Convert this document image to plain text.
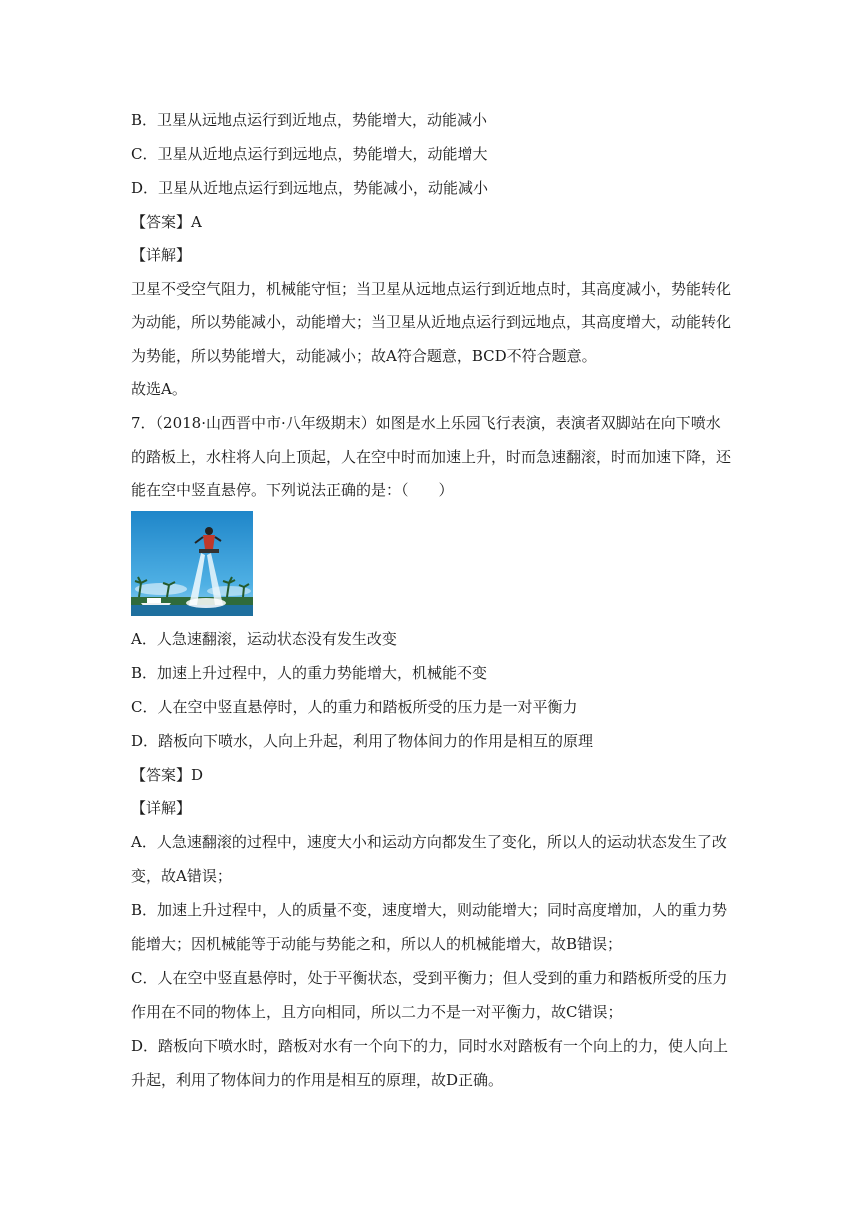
B．卫星从远地点运行到近地点，势能增大，动能减小
C．卫星从近地点运行到远地点，势能增大，动能增大
D．卫星从近地点运行到远地点，势能减小，动能减小
【答案】A
【详解】
卫星不受空气阻力，机械能守恒；当卫星从远地点运行到近地点时，其高度减小，势能转化
为动能，所以势能减小，动能增大；当卫星从近地点运行到远地点，其高度增大，动能转化
为势能，所以势能增大，动能减小；故A符合题意，BCD不符合题意。
故选A。
7．（2018·山西晋中市·八年级期末）如图是水上乐园飞行表演，表演者双脚站在向下喷水
的踏板上，水柱将人向上顶起，人在空中时而加速上升，时而急速翻滚，时而加速下降，还
能在空中竖直悬停。下列说法正确的是：（　　）
A．人急速翻滚，运动状态没有发生改变
B．加速上升过程中，人的重力势能增大，机械能不变
C．人在空中竖直悬停时，人的重力和踏板所受的压力是一对平衡力
D．踏板向下喷水，人向上升起，利用了物体间力的作用是相互的原理
【答案】D
【详解】
A．人急速翻滚的过程中，速度大小和运动方向都发生了变化，所以人的运动状态发生了改
变，故A错误；
B．加速上升过程中，人的质量不变，速度增大，则动能增大；同时高度增加，人的重力势
能增大；因机械能等于动能与势能之和，所以人的机械能增大，故B错误；
C．人在空中竖直悬停时，处于平衡状态，受到平衡力；但人受到的重力和踏板所受的压力
作用在不同的物体上，且方向相同，所以二力不是一对平衡力，故C错误；
D．踏板向下喷水时，踏板对水有一个向下的力，同时水对踏板有一个向上的力，使人向上
升起，利用了物体间力的作用是相互的原理，故D正确。
